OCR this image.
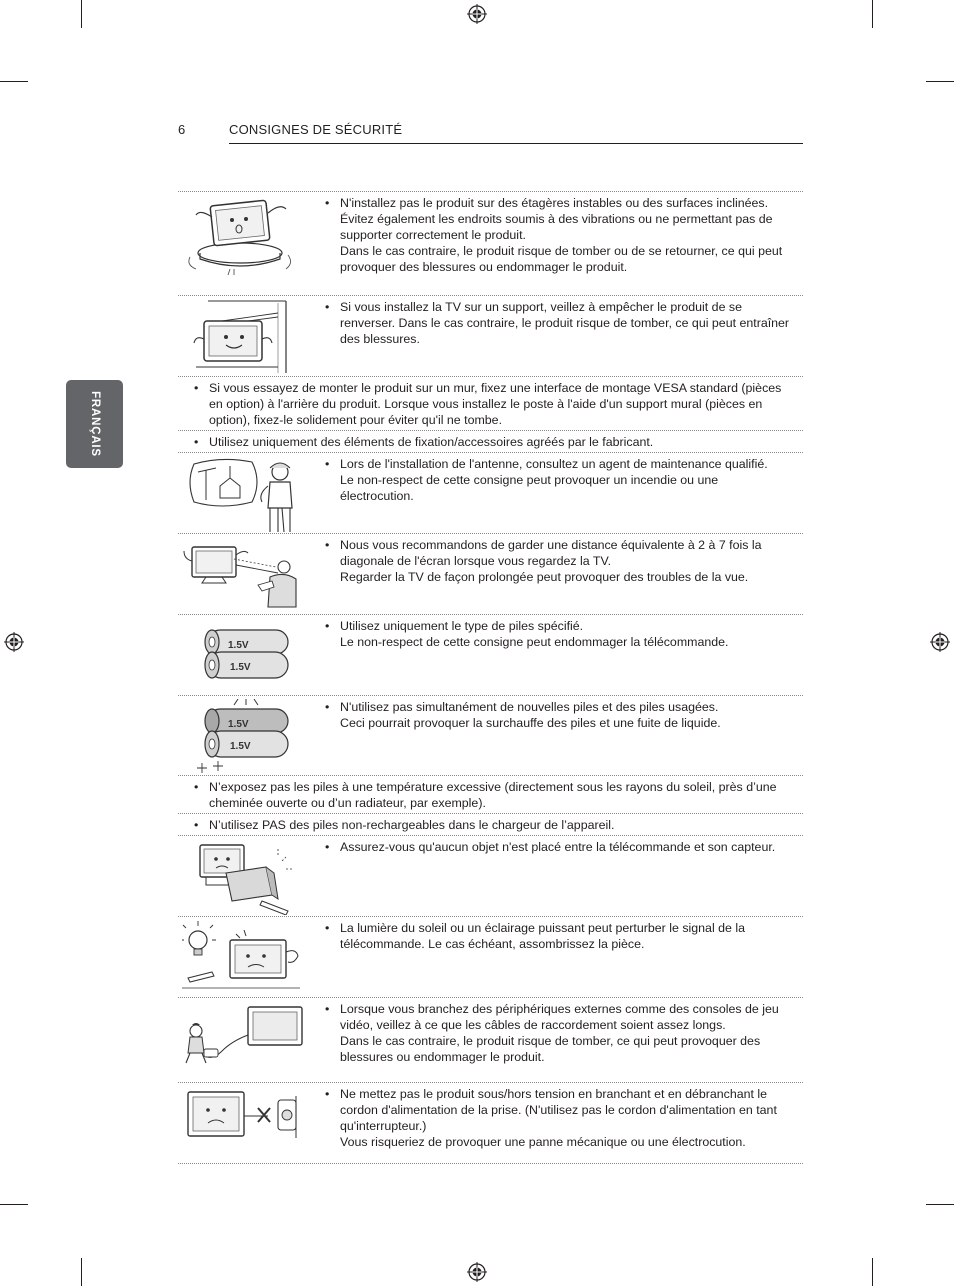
6	CONSIGNES DE SÉCURITÉ
FRANÇAIS
• N'installez pas le produit sur des étagères instables ou des surfaces inclinées. Évitez également les endroits soumis à des vibrations ou ne permettant pas de supporter correctement le produit.
Dans le cas contraire, le produit risque de tomber ou de se retourner, ce qui peut provoquer des blessures ou endommager le produit.
• Si vous installez la TV sur un support, veillez à empêcher le produit de se renverser. Dans le cas contraire, le produit risque de tomber, ce qui peut entraîner des blessures.
• Si vous essayez de monter le produit sur un mur, fixez une interface de montage VESA standard (pièces en option) à l'arrière du produit. Lorsque vous installez le poste à l'aide d'un support mural (pièces en option), fixez-le solidement pour éviter qu'il ne tombe.
• Utilisez uniquement des éléments de fixation/accessoires agréés par le fabricant.
• Lors de l'installation de l'antenne, consultez un agent de maintenance qualifié.
Le non-respect de cette consigne peut provoquer un incendie ou une électrocution.
• Nous vous recommandons de garder une distance équivalente à 2 à 7 fois la diagonale de l'écran lorsque vous regardez la TV.
Regarder la TV de façon prolongée peut provoquer des troubles de la vue.
1.5V
1.5V
• Utilisez uniquement le type de piles spécifié.
Le non-respect de cette consigne peut endommager la télécommande.
1.5V
1.5V
• N'utilisez pas simultanément de nouvelles piles et des piles usagées.
Ceci pourrait provoquer la surchauffe des piles et une fuite de liquide.
• N’exposez pas les piles à une température excessive (directement sous les rayons du soleil, près d’une cheminée ouverte ou d’un radiateur, par exemple).
• N’utilisez PAS des piles non-rechargeables dans le chargeur de l’appareil.
• Assurez-vous qu'aucun objet n'est placé entre la télécommande et son capteur.
• La lumière du soleil ou un éclairage puissant peut perturber le signal de la télécommande. Le cas échéant, assombrissez la pièce.
• Lorsque vous branchez des périphériques externes comme des consoles de jeu vidéo, veillez à ce que les câbles de raccordement soient assez longs.
Dans le cas contraire, le produit risque de tomber, ce qui peut provoquer des blessures ou endommager le produit.
• Ne mettez pas le produit sous/hors tension en branchant et en débranchant le cordon d'alimentation de la prise. (N'utilisez pas le cordon d'alimentation en tant qu'interrupteur.)
Vous risqueriez de provoquer une panne mécanique ou une électrocution.
